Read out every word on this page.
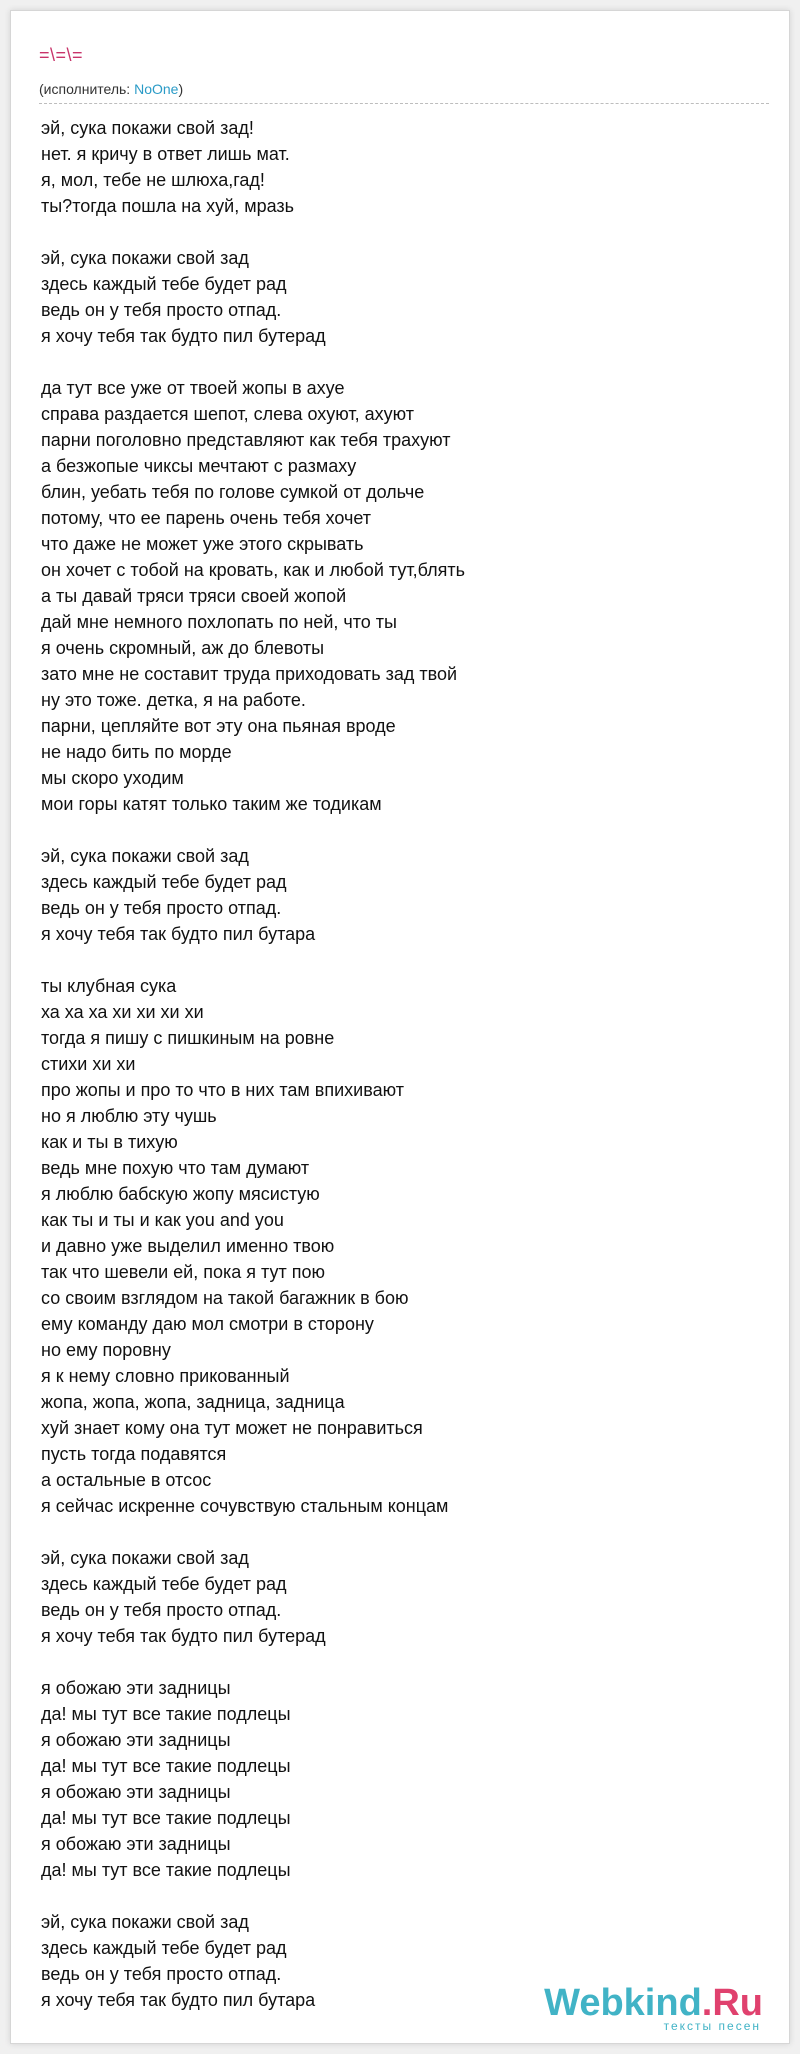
=\=\=
(исполнитель: NoOne)
эй, сука покажи свой зад!
нет. я кричу в ответ лишь мат.
я, мол, тебе не шлюха,гад!
ты?тогда пошла на хуй, мразь
эй, сука покажи свой зад
здесь каждый тебе будет рад
ведь он у тебя просто отпад.
я хочу тебя так будто пил бутерад
да тут все уже от твоей жопы в ахуе
справа раздается шепот, слева охуют, ахуют
парни поголовно представляют как тебя трахуют
а безжопые чиксы мечтают с размаху
блин, уебать тебя по голове сумкой от дольче
потому, что ее парень очень тебя хочет
что даже не может уже этого скрывать
он хочет с тобой на кровать, как и любой тут,блять
а ты давай тряси тряси своей жопой
дай мне немного похлопать по ней, что ты
я очень скромный, аж до блевоты
зато мне не составит труда приходовать зад твой
ну это тоже. детка, я на работе.
парни, цепляйте вот эту она пьяная вроде
не надо бить по морде
мы скоро уходим
мои горы катят только таким же тодикам
эй, сука покажи свой зад
здесь каждый тебе будет рад
ведь он у тебя просто отпад.
я хочу тебя так будто пил бутара
ты клубная сука
ха ха ха хи хи хи хи
тогда я пишу с пишкиным на ровне
стихи хи хи
про жопы и про то что в них там впихивают
но я люблю эту чушь
как и ты в тихую
ведь мне похую что там думают
я люблю бабскую жопу мясистую
как ты и ты и как you and you
и давно уже выделил именно твою
так что шевели ей, пока я тут пою
со своим взглядом на такой багажник в бою
ему команду даю мол смотри в сторону
но ему поровну
я к нему словно прикованный
жопа, жопа, жопа, задница, задница
хуй знает кому она тут может не понравиться
пусть тогда подавятся
а остальные в отсос
я сейчас искренне сочувствую стальным концам
эй, сука покажи свой зад
здесь каждый тебе будет рад
ведь он у тебя просто отпад.
я хочу тебя так будто пил бутерад
я обожаю эти задницы
да! мы тут все такие подлецы
я обожаю эти задницы
да! мы тут все такие подлецы
я обожаю эти задницы
да! мы тут все такие подлецы
я обожаю эти задницы
да! мы тут все такие подлецы
эй, сука покажи свой зад
здесь каждый тебе будет рад
ведь он у тебя просто отпад.
я хочу тебя так будто пил бутара	Webkind.Ru
тексты песен
